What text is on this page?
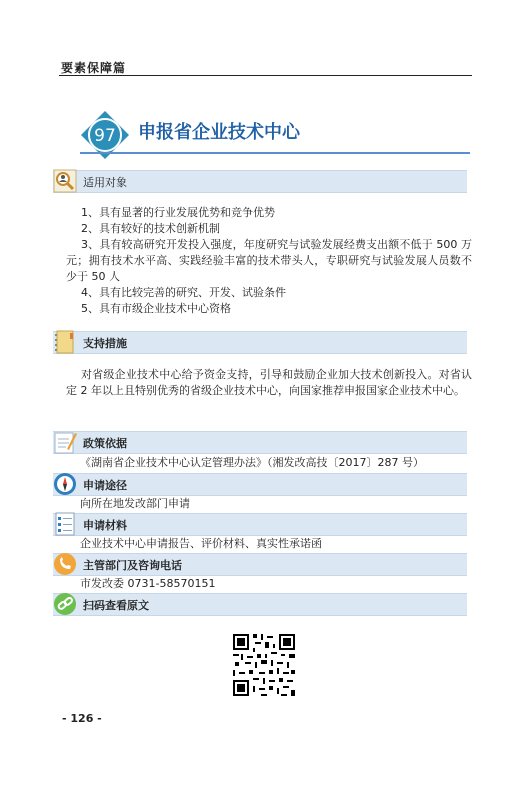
要素保障篇
97 申报省企业技术中心
适用对象
1、具有显著的行业发展优势和竞争优势
2、具有较好的技术创新机制
3、具有较高研究开发投入强度，年度研究与试验发展经费支出额不低于 500 万元；拥有技术水平高、实践经验丰富的技术带头人，专职研究与试验发展人员数不少于 50 人
4、具有比较完善的研究、开发、试验条件
5、具有市级企业技术中心资格
支持措施
对省级企业技术中心给予资金支持，引导和鼓励企业加大技术创新投入。对省认定 2 年以上且特别优秀的省级企业技术中心，向国家推荐申报国家企业技术中心。
政策依据
《湖南省企业技术中心认定管理办法》（湘发改高技〔2017〕287 号）
申请途径
向所在地发改部门申请
申请材料
企业技术中心申请报告、评价材料、真实性承诺函
主管部门及咨询电话
市发改委 0731-58570151
扫码查看原文
- 126 -
